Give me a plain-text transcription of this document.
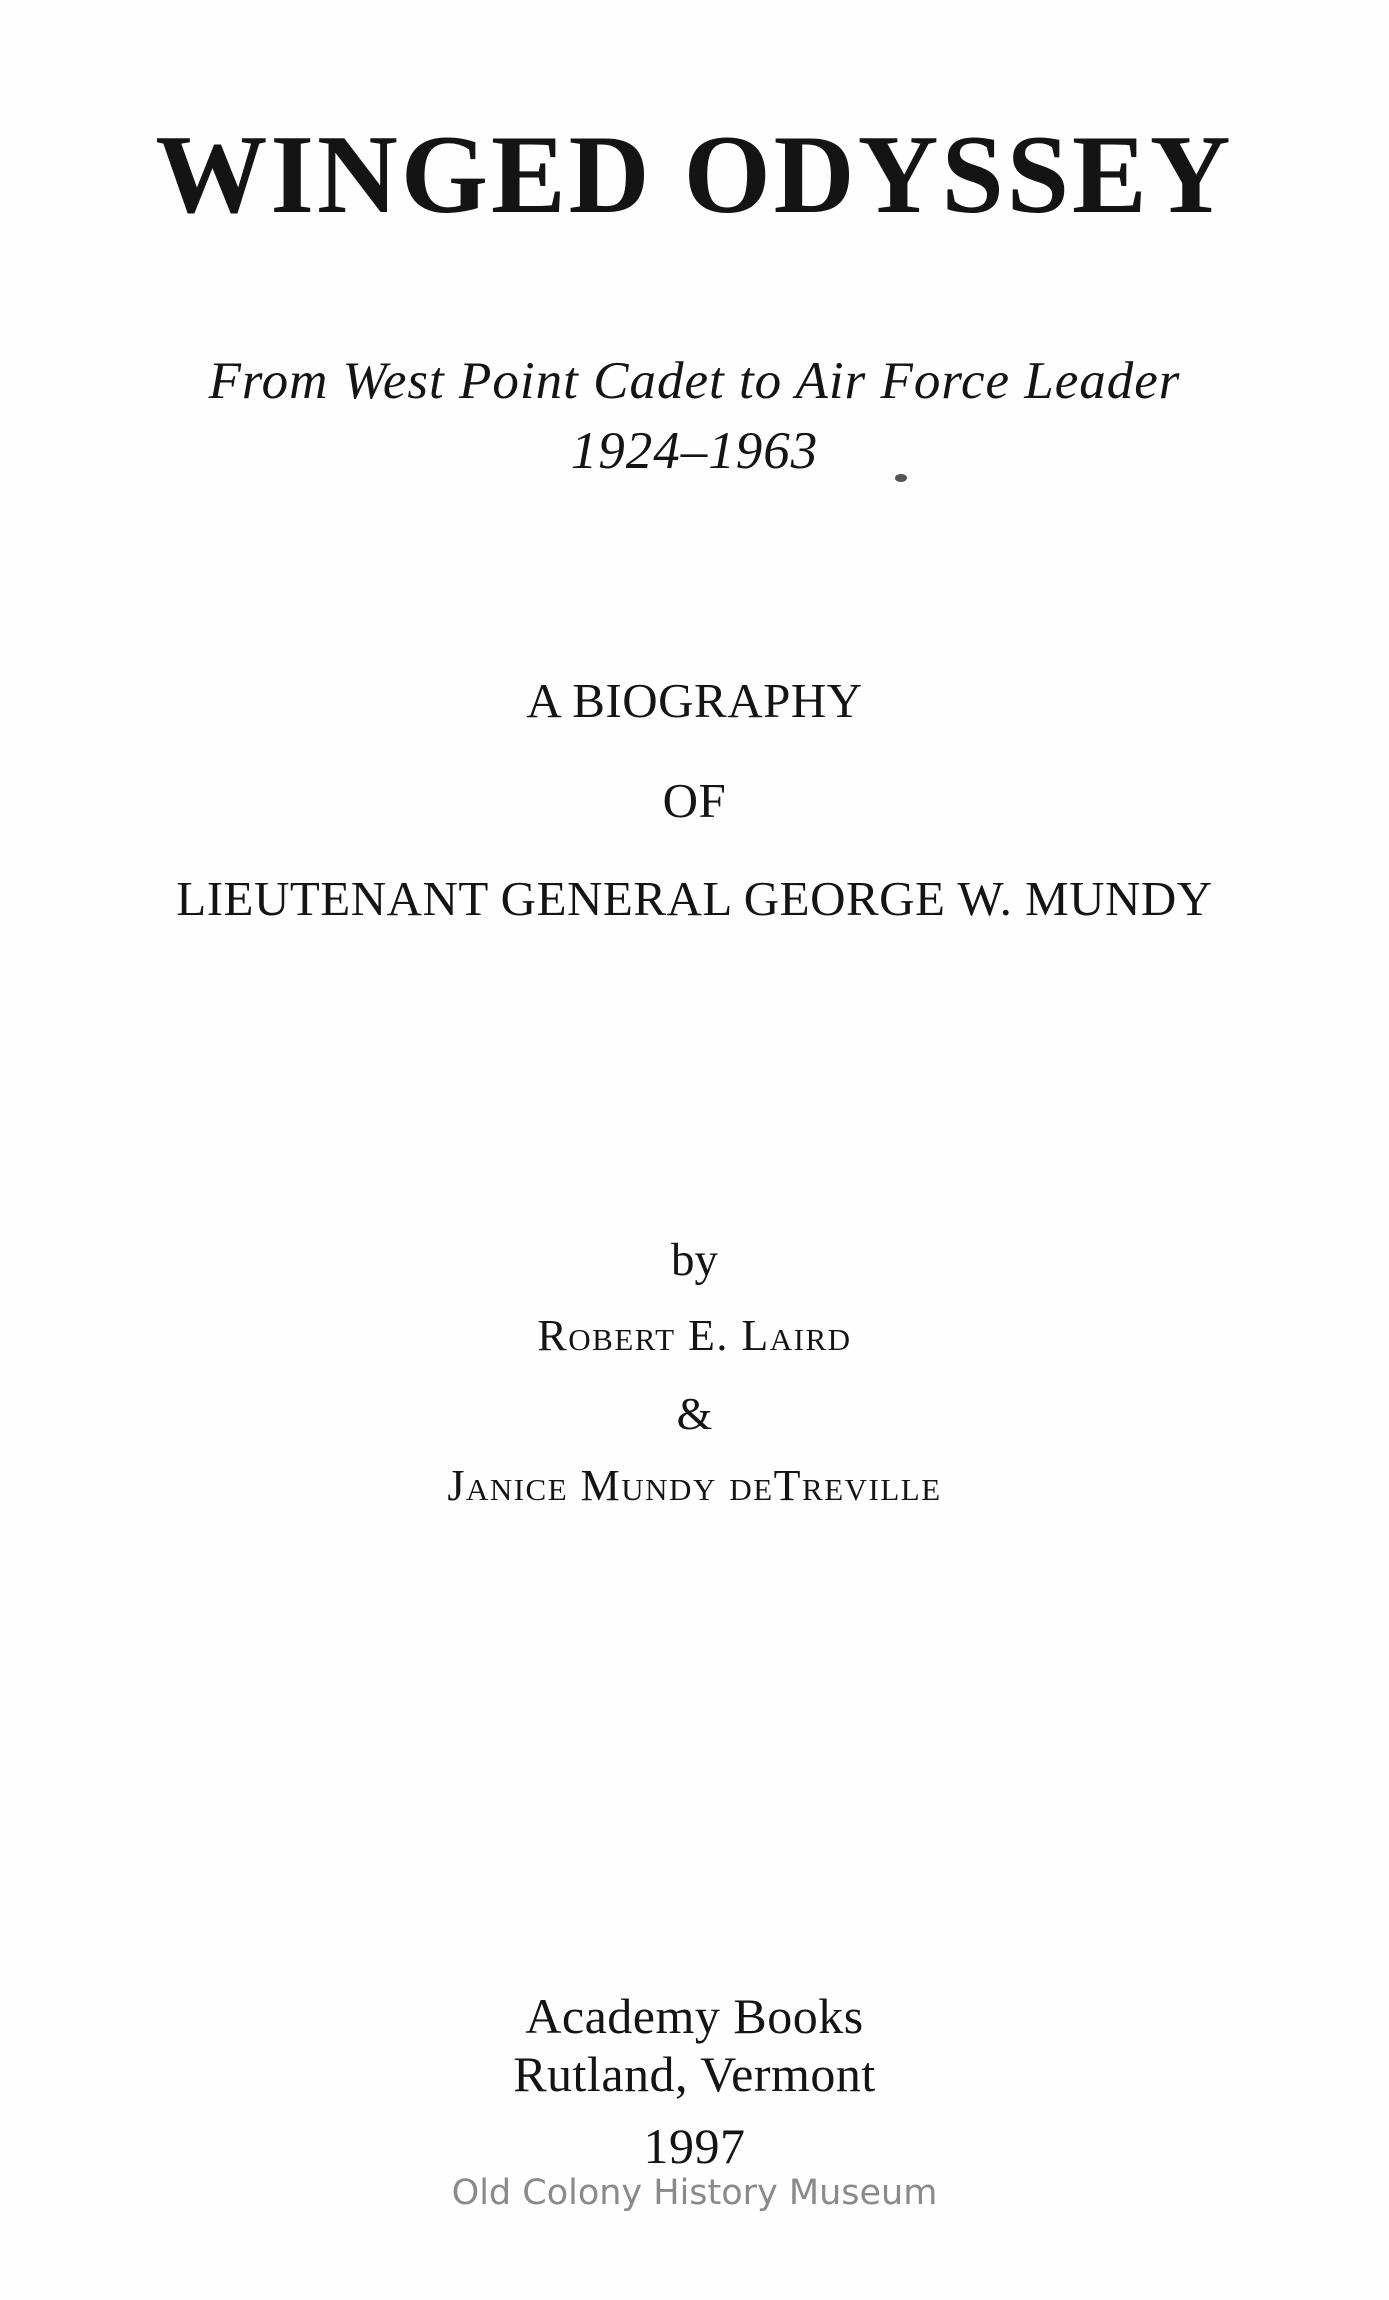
WINGED ODYSSEY
From West Point Cadet to Air Force Leader
1924–1963
A BIOGRAPHY
OF
LIEUTENANT GENERAL GEORGE W. MUNDY
by
Robert E. Laird
&
Janice Mundy deTreville
Academy Books
Rutland, Vermont
1997
Old Colony History Museum
